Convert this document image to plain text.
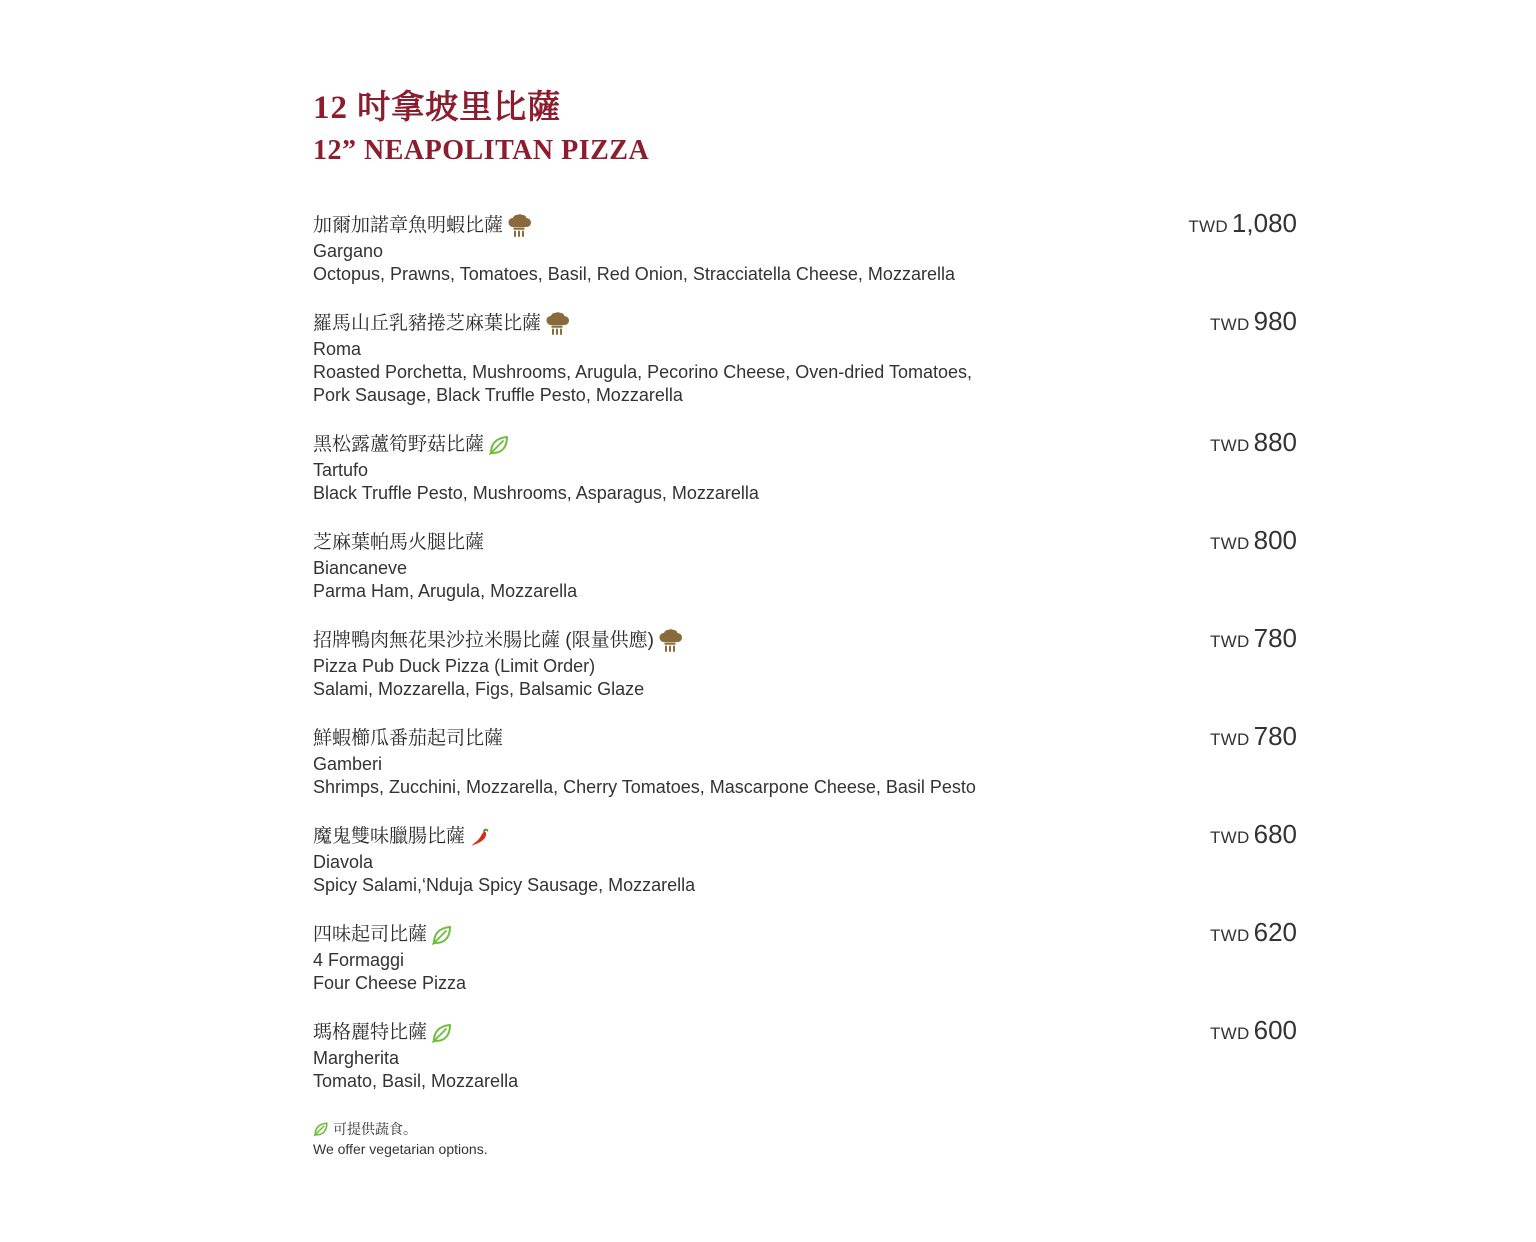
12 吋拿坡里比薩
12” NEAPOLITAN PIZZA
加爾加諾章魚明蝦比薩
Gargano
Octopus, Prawns, Tomatoes, Basil, Red Onion, Stracciatella Cheese, Mozzarella
TWD 1,080
羅馬山丘乳豬捲芝麻葉比薩
Roma
Roasted Porchetta, Mushrooms, Arugula, Pecorino Cheese, Oven-dried Tomatoes, Pork Sausage, Black Truffle Pesto, Mozzarella
TWD 980
黑松露蘆筍野菇比薩
Tartufo
Black Truffle Pesto, Mushrooms, Asparagus, Mozzarella
TWD 880
芝麻葉帕馬火腿比薩
Biancaneve
Parma Ham, Arugula, Mozzarella
TWD 800
招牌鴨肉無花果沙拉米腸比薩 (限量供應)
Pizza Pub Duck Pizza (Limit Order)
Salami, Mozzarella, Figs, Balsamic Glaze
TWD 780
鮮蝦櫛瓜番茄起司比薩
Gamberi
Shrimps, Zucchini, Mozzarella, Cherry Tomatoes, Mascarpone Cheese, Basil Pesto
TWD 780
魔鬼雙味臘腸比薩
Diavola
Spicy Salami,‘Nduja Spicy Sausage, Mozzarella
TWD 680
四味起司比薩
4 Formaggi
Four Cheese Pizza
TWD 620
瑪格麗特比薩
Margherita
Tomato, Basil, Mozzarella
TWD 600
可提供蔬食。
We offer vegetarian options.
